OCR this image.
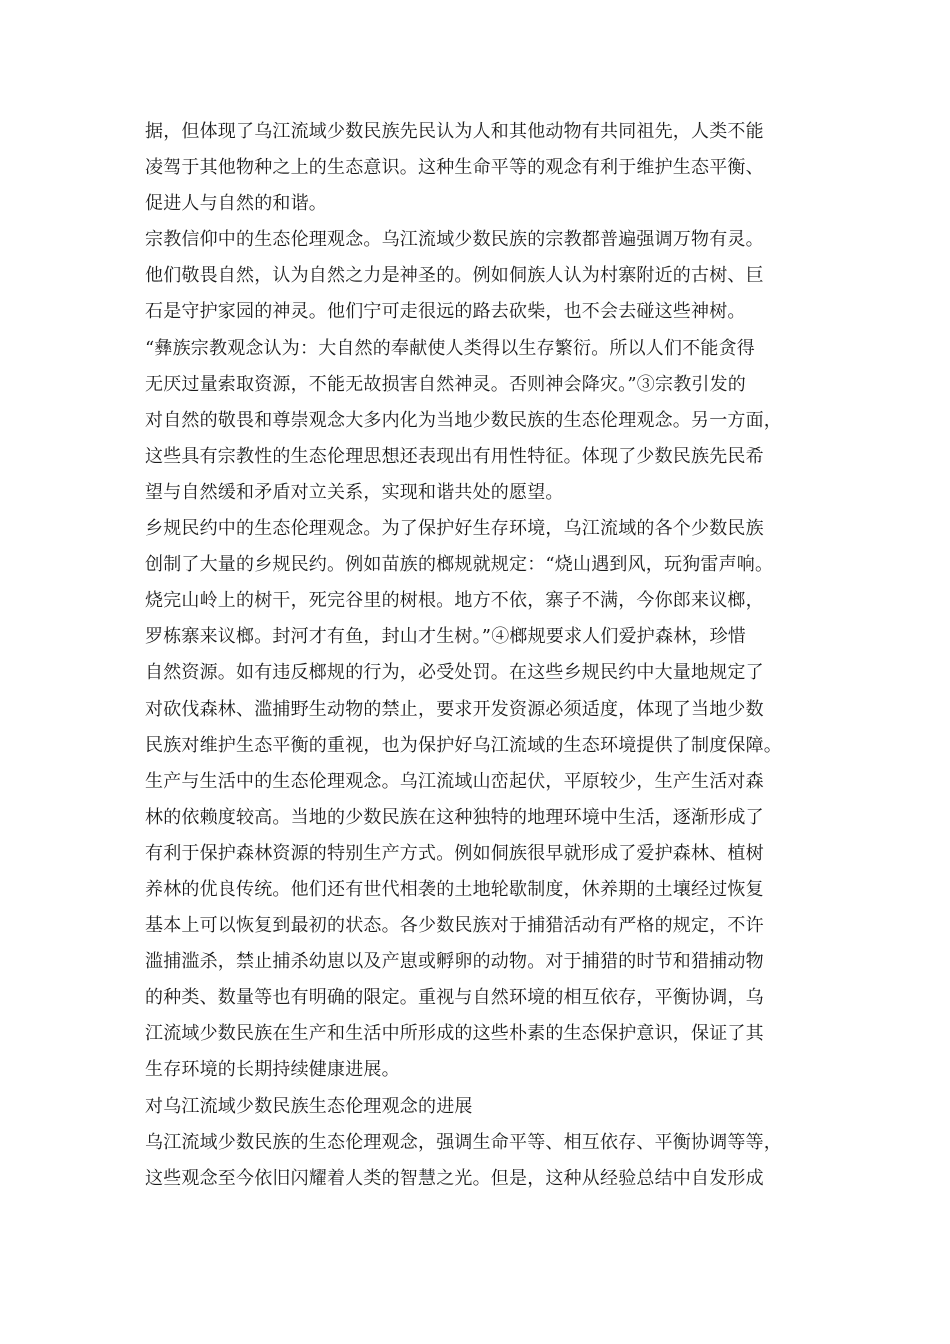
据，但体现了乌江流域少数民族先民认为人和其他动物有共同祖先，人类不能
凌驾于其他物种之上的生态意识。这种生命平等的观念有利于维护生态平衡、
促进人与自然的和谐。
宗教信仰中的生态伦理观念。乌江流域少数民族的宗教都普遍强调万物有灵。
他们敬畏自然，认为自然之力是神圣的。例如侗族人认为村寨附近的古树、巨
石是守护家园的神灵。他们宁可走很远的路去砍柴，也不会去碰这些神树。
“彝族宗教观念认为：大自然的奉献使人类得以生存繁衍。所以人们不能贪得
无厌过量索取资源，不能无故损害自然神灵。否则神会降灾。”③宗教引发的
对自然的敬畏和尊崇观念大多内化为当地少数民族的生态伦理观念。另一方面，
这些具有宗教性的生态伦理思想还表现出有用性特征。体现了少数民族先民希
望与自然缓和矛盾对立关系，实现和谐共处的愿望。
乡规民约中的生态伦理观念。为了保护好生存环境，乌江流域的各个少数民族
创制了大量的乡规民约。例如苗族的榔规就规定：“烧山遇到风，玩狗雷声响。
烧完山岭上的树干，死完谷里的树根。地方不依，寨子不满，今你郎来议榔，
罗栋寨来议榔。封河才有鱼，封山才生树。”④榔规要求人们爱护森林，珍惜
自然资源。如有违反榔规的行为，必受处罚。在这些乡规民约中大量地规定了
对砍伐森林、滥捕野生动物的禁止，要求开发资源必须适度，体现了当地少数
民族对维护生态平衡的重视，也为保护好乌江流域的生态环境提供了制度保障。
生产与生活中的生态伦理观念。乌江流域山峦起伏，平原较少，生产生活对森
林的依赖度较高。当地的少数民族在这种独特的地理环境中生活，逐渐形成了
有利于保护森林资源的特别生产方式。例如侗族很早就形成了爱护森林、植树
养林的优良传统。他们还有世代相袭的土地轮歇制度，休养期的土壤经过恢复
基本上可以恢复到最初的状态。各少数民族对于捕猎活动有严格的规定，不许
滥捕滥杀，禁止捕杀幼崽以及产崽或孵卵的动物。对于捕猎的时节和猎捕动物
的种类、数量等也有明确的限定。重视与自然环境的相互依存，平衡协调，乌
江流域少数民族在生产和生活中所形成的这些朴素的生态保护意识，保证了其
生存环境的长期持续健康进展。
对乌江流域少数民族生态伦理观念的进展
乌江流域少数民族的生态伦理观念，强调生命平等、相互依存、平衡协调等等，
这些观念至今依旧闪耀着人类的智慧之光。但是，这种从经验总结中自发形成
